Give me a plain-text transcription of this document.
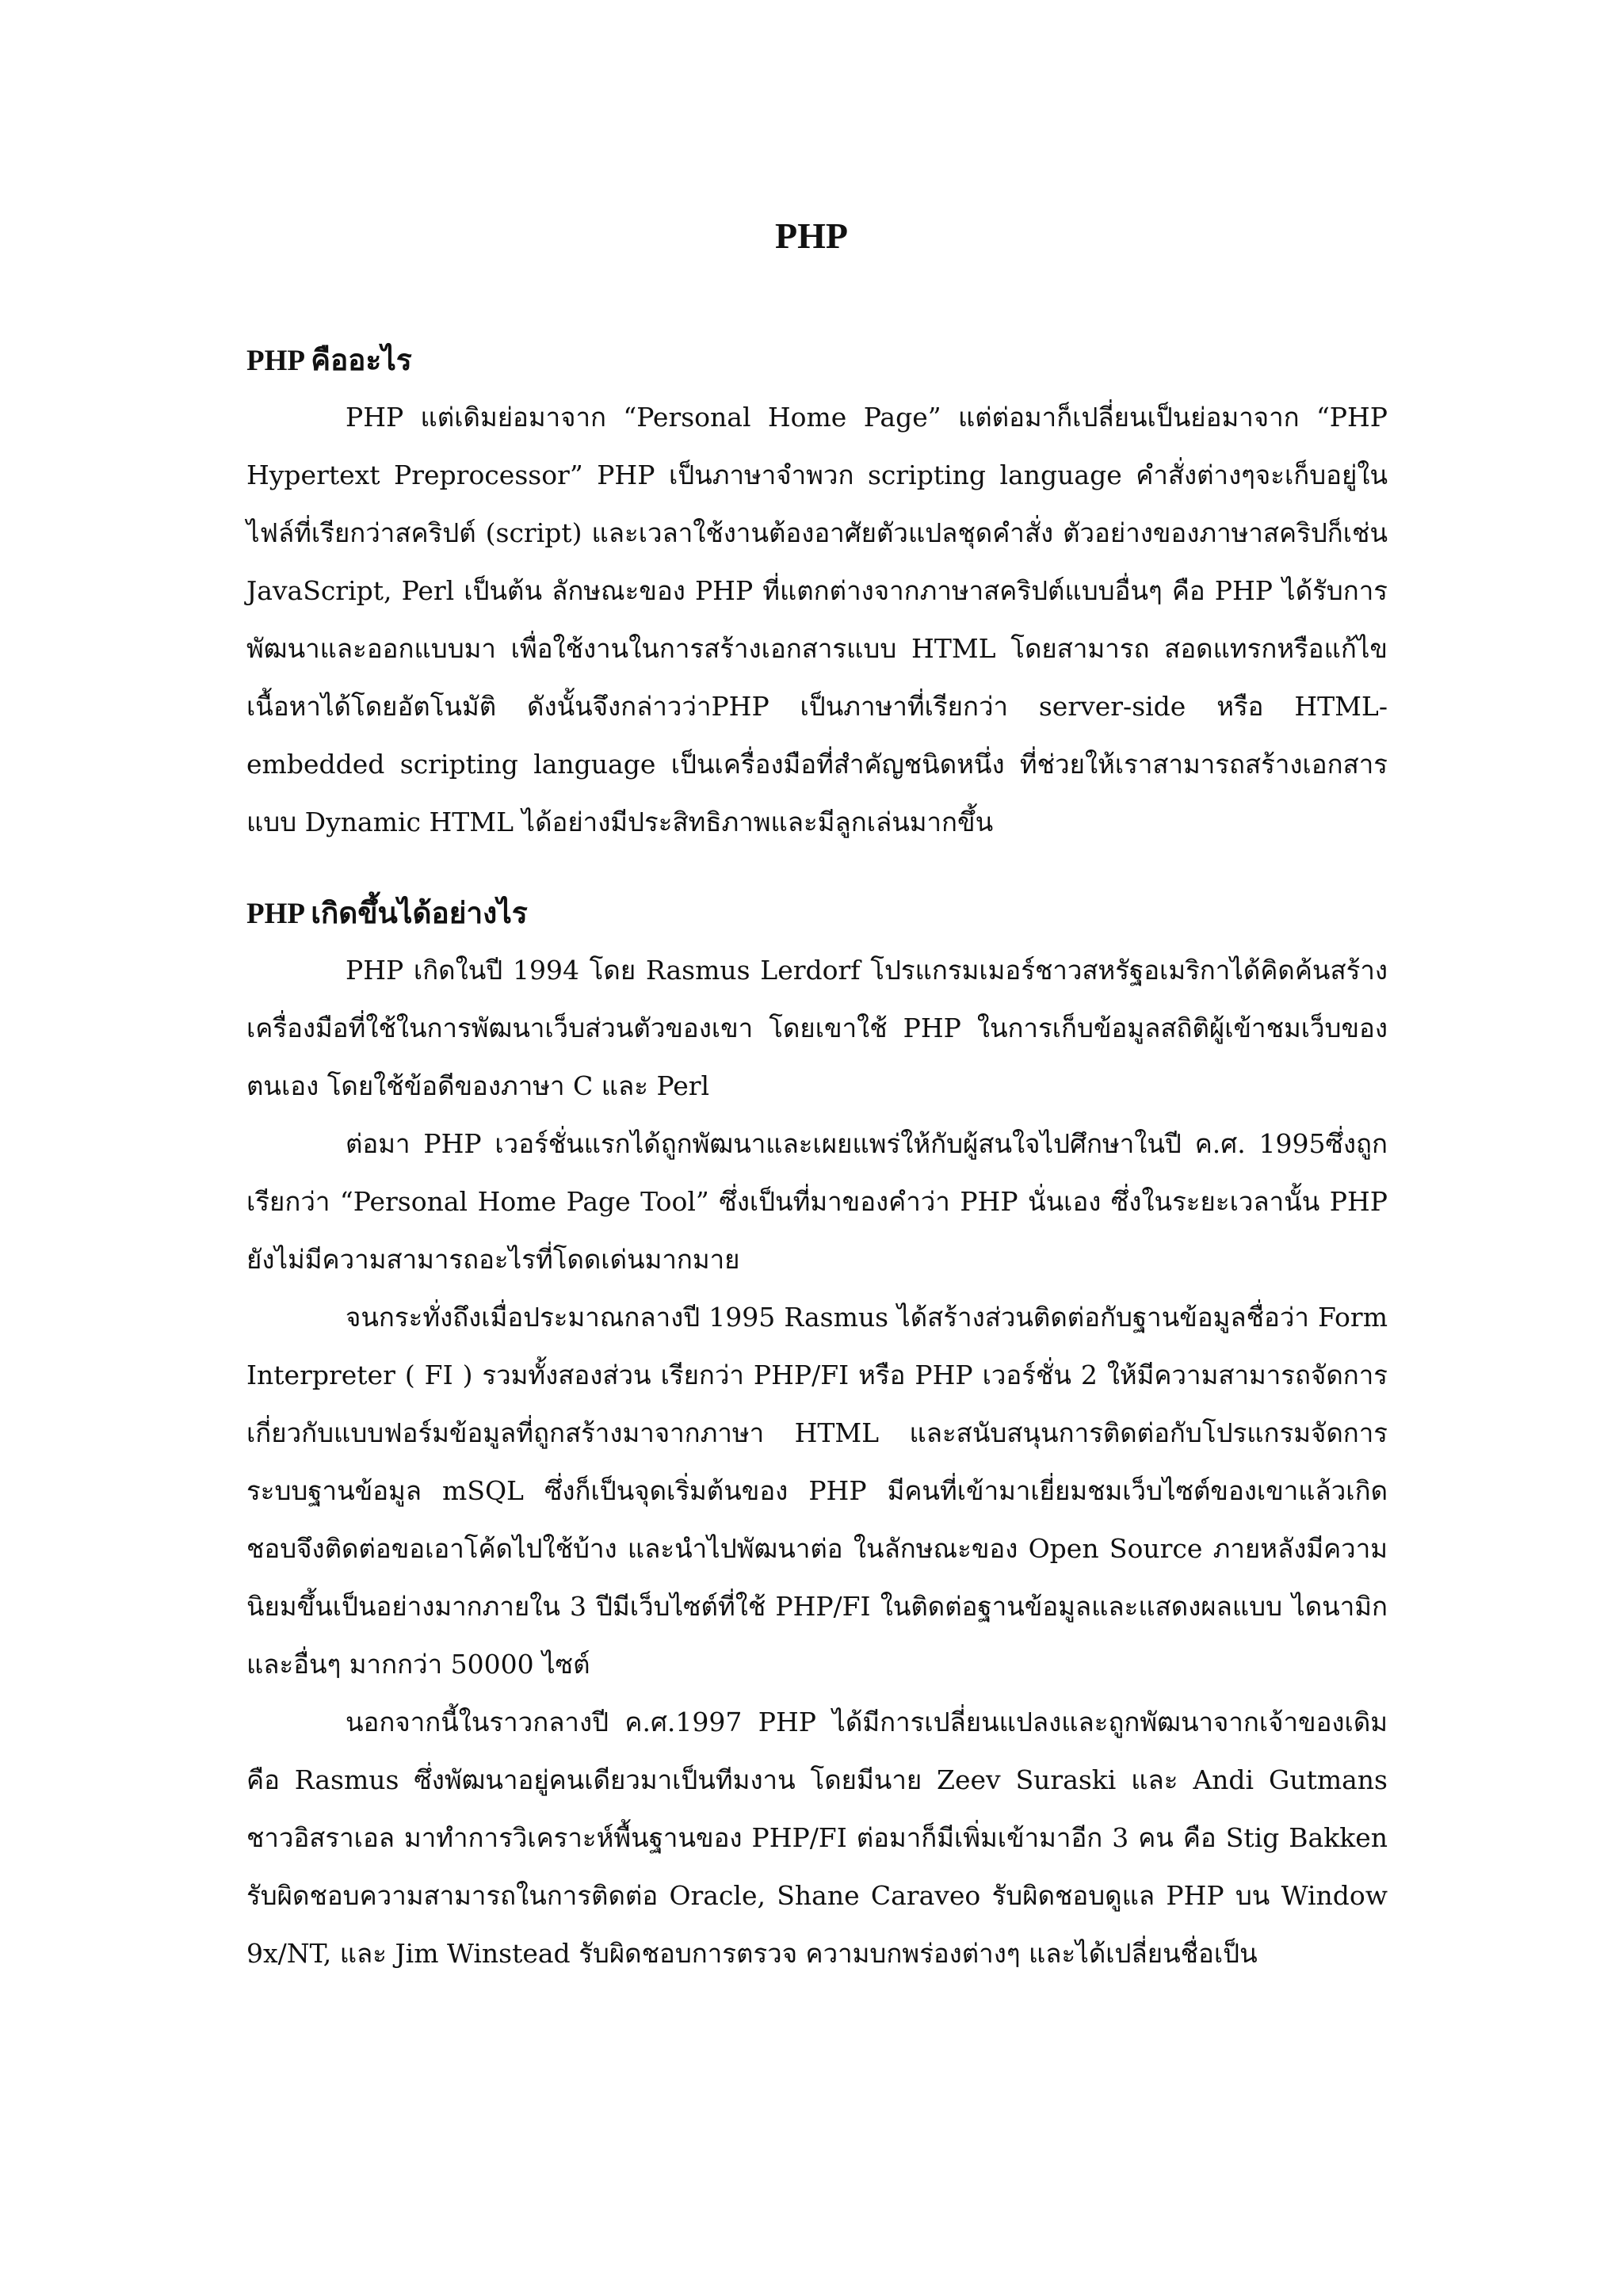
PHP
PHP คืออะไร

PHP แต่เดิมย่อมาจาก “Personal Home Page” แต่ต่อมาก็เปลี่ยนเป็นย่อมาจาก “PHP Hypertext Preprocessor” PHP เป็นภาษาจำพวก scripting language คำสั่งต่างๆจะเก็บอยู่ในไฟล์ที่เรียกว่าสคริปต์ (script) และเวลาใช้งานต้องอาศัยตัวแปลชุดคำสั่ง ตัวอย่างของภาษาสคริปก็เช่น JavaScript, Perl เป็นต้น ลักษณะของ PHP ที่แตกต่างจากภาษาสคริปต์แบบอื่นๆ คือ PHP ได้รับการพัฒนาและออกแบบมา เพื่อใช้งานในการสร้างเอกสารแบบ HTML โดยสามารถ สอดแทรกหรือแก้ไขเนื้อหาได้โดยอัตโนมัติ ดังนั้นจึงกล่าวว่าPHP เป็นภาษาที่เรียกว่า server-side หรือ HTML-embedded scripting language เป็นเครื่องมือที่สำคัญชนิดหนึ่ง ที่ช่วยให้เราสามารถสร้างเอกสารแบบ Dynamic HTML ได้อย่างมีประสิทธิภาพและมีลูกเล่นมากขึ้น

PHP เกิดขึ้นได้อย่างไร

PHP เกิดในปี 1994 โดย Rasmus Lerdorf โปรแกรมเมอร์ชาวสหรัฐอเมริกาได้คิดค้นสร้างเครื่องมือที่ใช้ในการพัฒนาเว็บส่วนตัวของเขา โดยเขาใช้ PHP ในการเก็บข้อมูลสถิติผู้เข้าชมเว็บของตนเอง โดยใช้ข้อดีของภาษา C และ Perl

ต่อมา PHP เวอร์ชั่นแรกได้ถูกพัฒนาและเผยแพร่ให้กับผู้สนใจไปศึกษาในปี ค.ศ. 1995ซึ่งถูกเรียกว่า “Personal Home Page Tool” ซึ่งเป็นที่มาของคำว่า PHP นั่นเอง ซึ่งในระยะเวลานั้น PHP ยังไม่มีความสามารถอะไรที่โดดเด่นมากมาย

จนกระทั่งถึงเมื่อประมาณกลางปี 1995 Rasmus ได้สร้างส่วนติดต่อกับฐานข้อมูลชื่อว่า Form Interpreter ( FI ) รวมทั้งสองส่วน เรียกว่า PHP/FI หรือ PHP เวอร์ชั่น 2 ให้มีความสามารถจัดการเกี่ยวกับแบบฟอร์มข้อมูลที่ถูกสร้างมาจากภาษา HTML และสนับสนุนการติดต่อกับโปรแกรมจัดการระบบฐานข้อมูล mSQL ซึ่งก็เป็นจุดเริ่มต้นของ PHP มีคนที่เข้ามาเยี่ยมชมเว็บไซต์ของเขาแล้วเกิดชอบจึงติดต่อขอเอาโค้ดไปใช้บ้าง และนำไปพัฒนาต่อ ในลักษณะของ Open Source ภายหลังมีความนิยมขึ้นเป็นอย่างมากภายใน 3 ปีมีเว็บไซต์ที่ใช้ PHP/FI ในติดต่อฐานข้อมูลและแสดงผลแบบ ไดนามิกและอื่นๆ มากกว่า 50000 ไซต์

นอกจากนี้ในราวกลางปี ค.ศ.1997 PHP ได้มีการเปลี่ยนแปลงและถูกพัฒนาจากเจ้าของเดิมคือ Rasmus ซึ่งพัฒนาอยู่คนเดียวมาเป็นทีมงาน โดยมีนาย Zeev Suraski และ Andi Gutmans ชาวอิสราเอล มาทำการวิเคราะห์พื้นฐานของ PHP/FI ต่อมาก็มีเพิ่มเข้ามาอีก 3 คน คือ Stig Bakken รับผิดชอบความสามารถในการติดต่อ Oracle, Shane Caraveo รับผิดชอบดูแล PHP บน Window 9x/NT, และ Jim Winstead รับผิดชอบการตรวจ ความบกพร่องต่างๆ และได้เปลี่ยนชื่อเป็น
